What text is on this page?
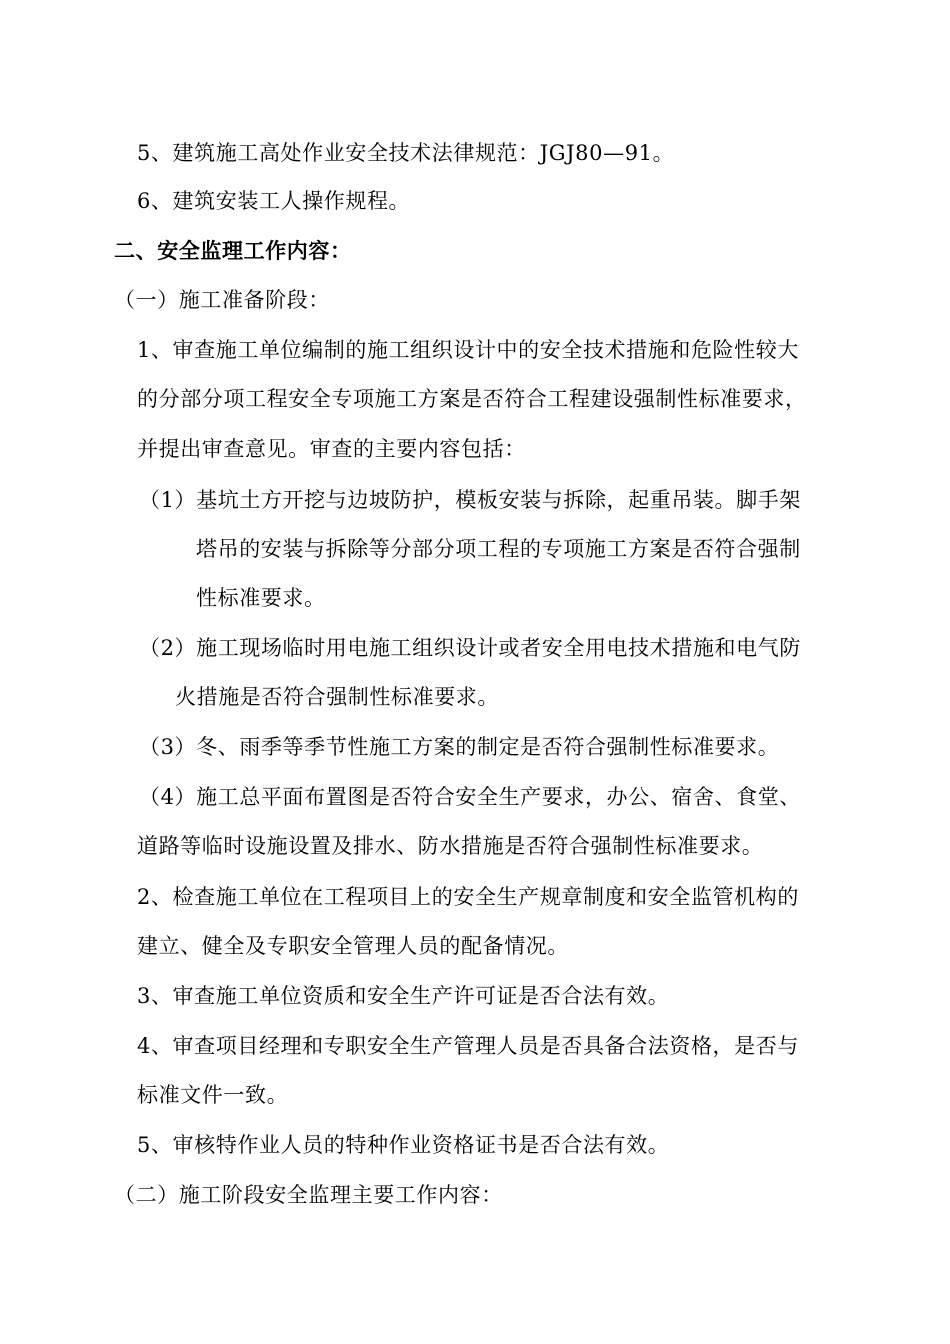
5、建筑施工高处作业安全技术法律规范：JGJ80—91。
6、建筑安装工人操作规程。
二、安全监理工作内容：
（一）施工准备阶段：
1、审查施工单位编制的施工组织设计中的安全技术措施和危险性较大
的分部分项工程安全专项施工方案是否符合工程建设强制性标准要求，
并提出审查意见。审查的主要内容包括：
（1）基坑土方开挖与边坡防护，模板安装与拆除，起重吊装。脚手架
塔吊的安装与拆除等分部分项工程的专项施工方案是否符合强制
性标准要求。
（2）施工现场临时用电施工组织设计或者安全用电技术措施和电气防
火措施是否符合强制性标准要求。
（3）冬、雨季等季节性施工方案的制定是否符合强制性标准要求。
（4）施工总平面布置图是否符合安全生产要求，办公、宿舍、食堂、
道路等临时设施设置及排水、防水措施是否符合强制性标准要求。
2、检查施工单位在工程项目上的安全生产规章制度和安全监管机构的
建立、健全及专职安全管理人员的配备情况。
3、审查施工单位资质和安全生产许可证是否合法有效。
4、审查项目经理和专职安全生产管理人员是否具备合法资格，是否与
标准文件一致。
5、审核特作业人员的特种作业资格证书是否合法有效。
（二）施工阶段安全监理主要工作内容：
